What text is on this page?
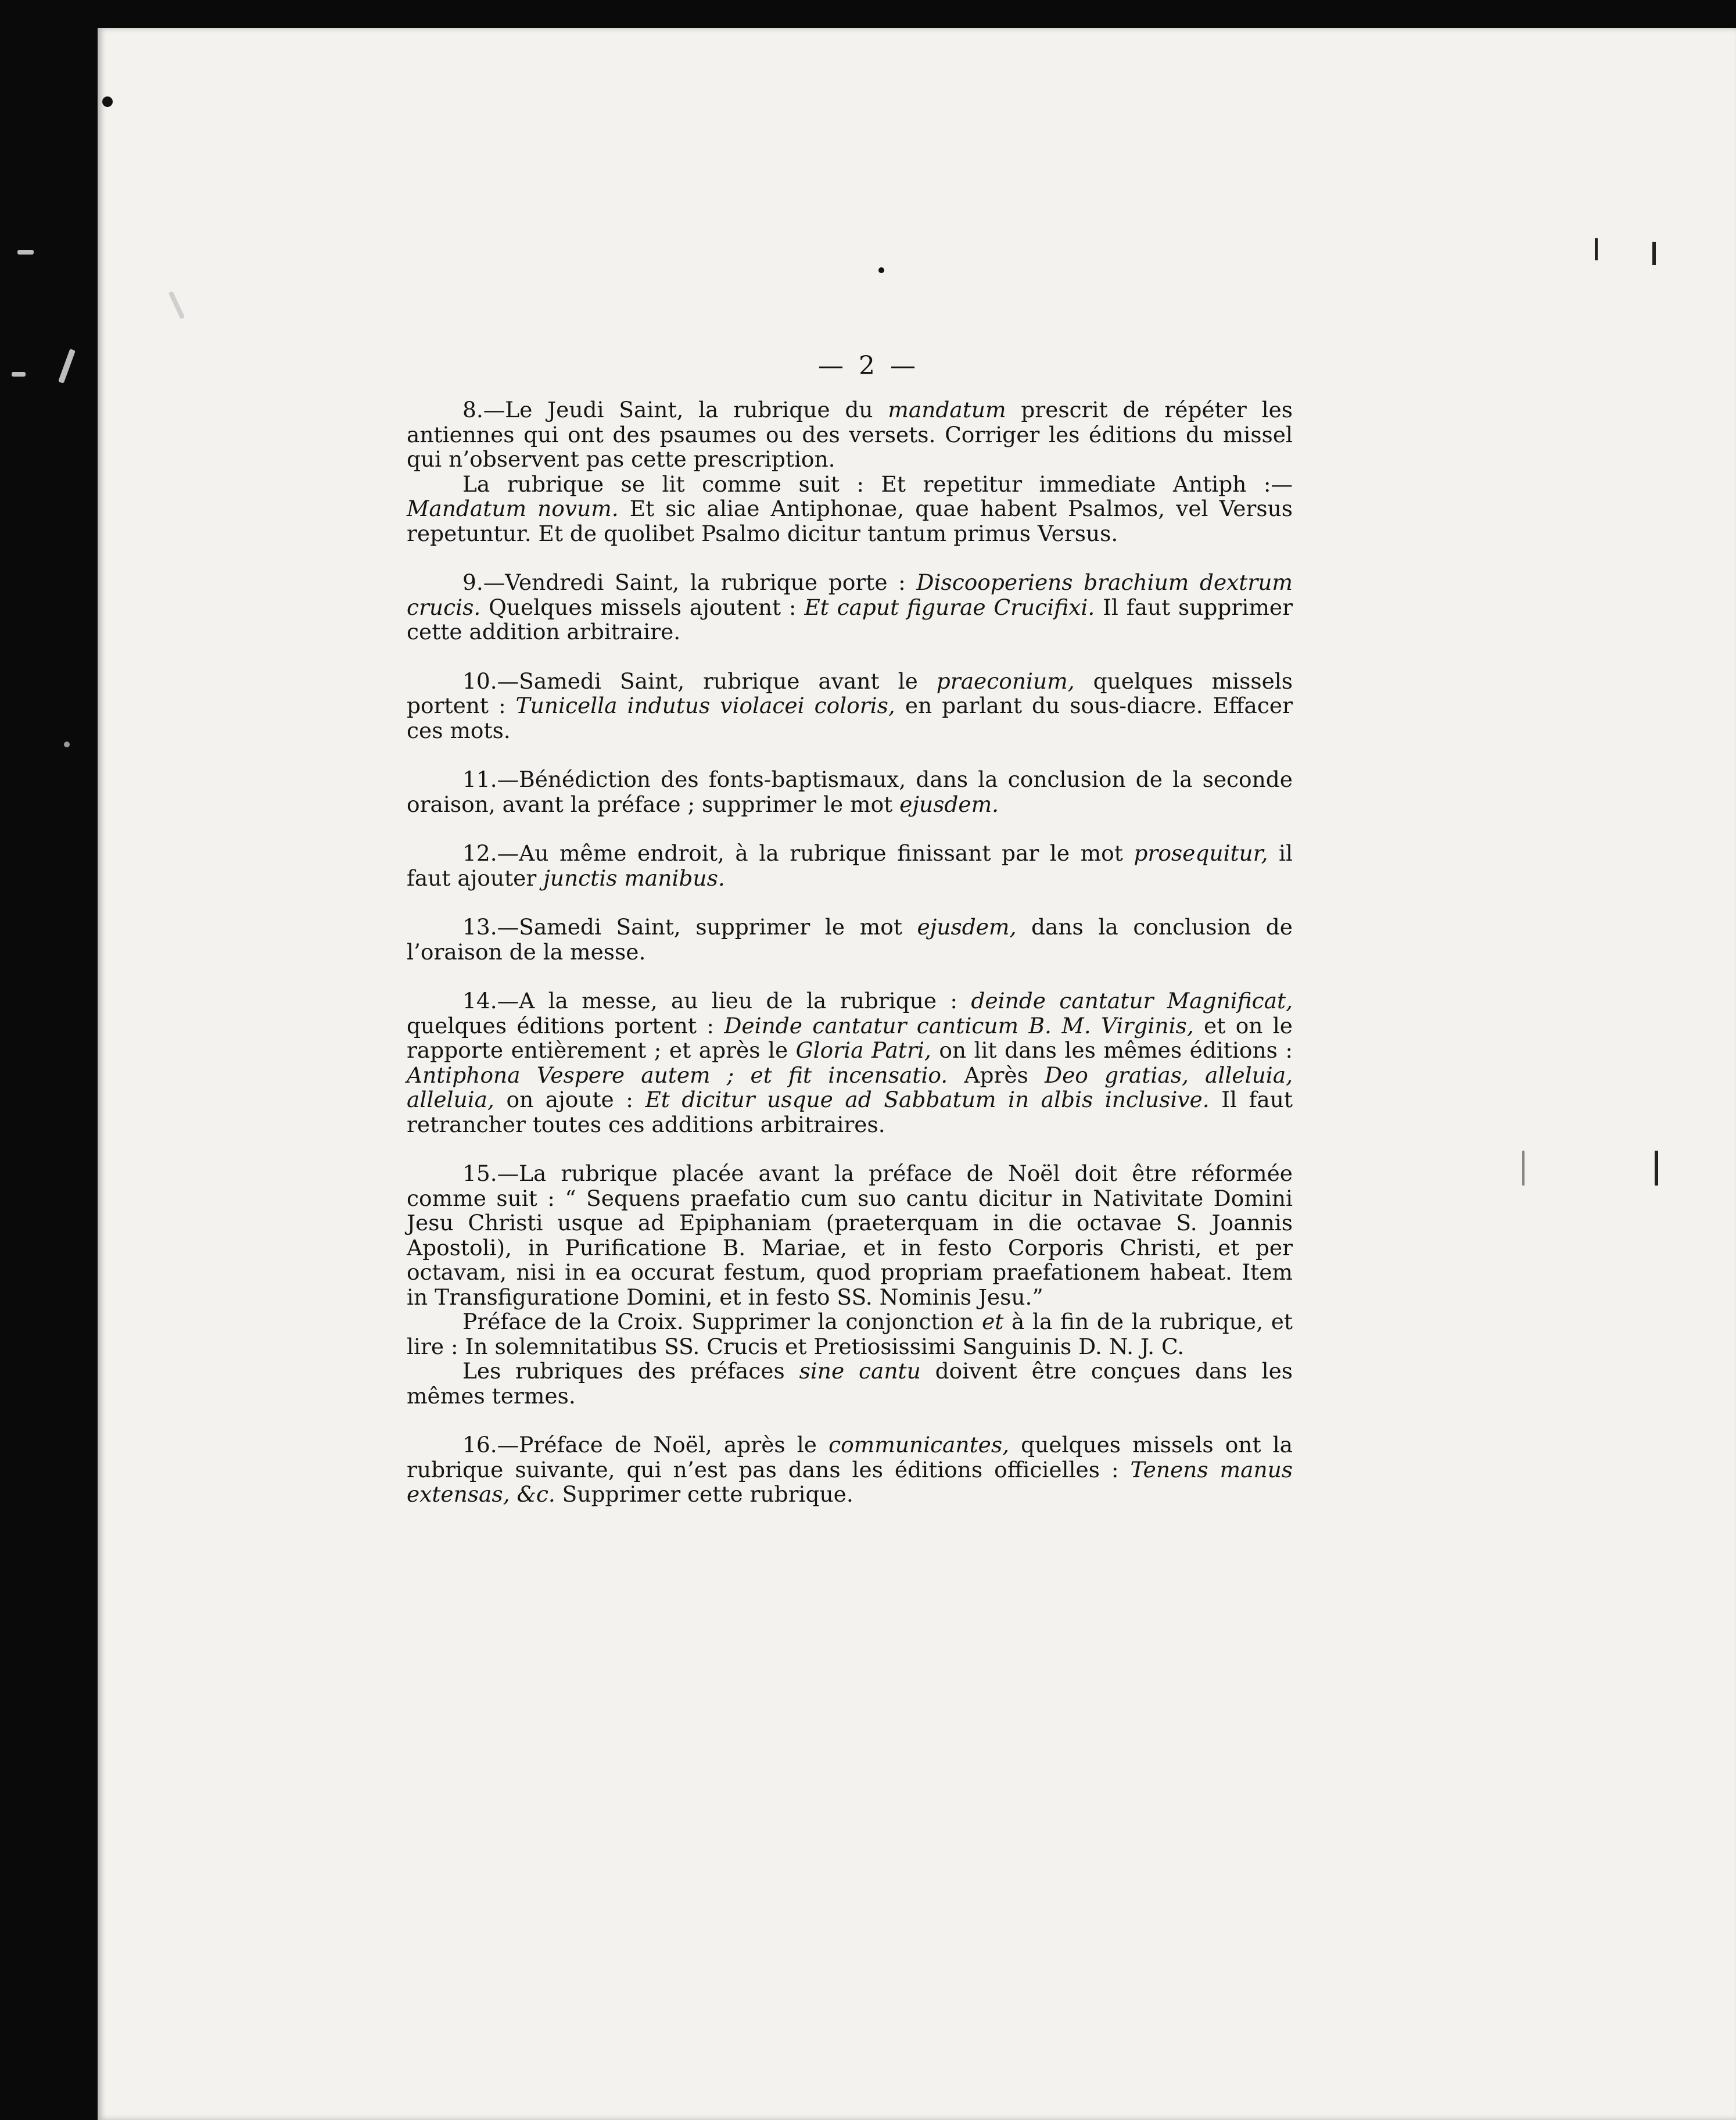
— 2 —

8.—Le Jeudi Saint, la rubrique du mandatum prescrit de répéter les antiennes qui ont des psaumes ou des versets. Corriger les éditions du missel qui n’observent pas cette prescription.

La rubrique se lit comme suit : Et repetitur immediate Antiph :— Mandatum novum. Et sic aliae Antiphonae, quae habent Psalmos, vel Versus repetuntur. Et de quolibet Psalmo dicitur tantum primus Versus.

9.—Vendredi Saint, la rubrique porte : Discooperiens brachium dextrum crucis. Quelques missels ajoutent : Et caput figurae Crucifixi. Il faut supprimer cette addition arbitraire.

10.—Samedi Saint, rubrique avant le praeconium, quelques missels portent : Tunicella indutus violacei coloris, en parlant du sous-diacre. Effacer ces mots.

11.—Bénédiction des fonts-baptismaux, dans la conclusion de la seconde oraison, avant la préface ; supprimer le mot ejusdem.

12.—Au même endroit, à la rubrique finissant par le mot prosequitur, il faut ajouter junctis manibus.

13.—Samedi Saint, supprimer le mot ejusdem, dans la conclusion de l’oraison de la messe.

14.—A la messe, au lieu de la rubrique : deinde cantatur Magnificat, quelques éditions portent : Deinde cantatur canticum B. M. Virginis, et on le rapporte entièrement ; et après le Gloria Patri, on lit dans les mêmes éditions : Antiphona Vespere autem ; et fit incensatio. Après Deo gratias, alleluia, alleluia, on ajoute : Et dicitur usque ad Sabbatum in albis inclusive. Il faut retrancher toutes ces additions arbitraires.

15.—La rubrique placée avant la préface de Noël doit être réformée comme suit : “ Sequens praefatio cum suo cantu dicitur in Nativitate Domini Jesu Christi usque ad Epiphaniam (praeterquam in die octavae S. Joannis Apostoli), in Purificatione B. Mariae, et in festo Corporis Christi, et per octavam, nisi in ea occurat festum, quod propriam praefationem habeat. Item in Transfiguratione Domini, et in festo SS. Nominis Jesu.”

Préface de la Croix. Supprimer la conjonction et à la fin de la rubrique, et lire : In solemnitatibus SS. Crucis et Pretiosissimi Sanguinis D. N. J. C.

Les rubriques des préfaces sine cantu doivent être conçues dans les mêmes termes.

16.—Préface de Noël, après le communicantes, quelques missels ont la rubrique suivante, qui n’est pas dans les éditions officielles : Tenens manus extensas, &c. Supprimer cette rubrique.
